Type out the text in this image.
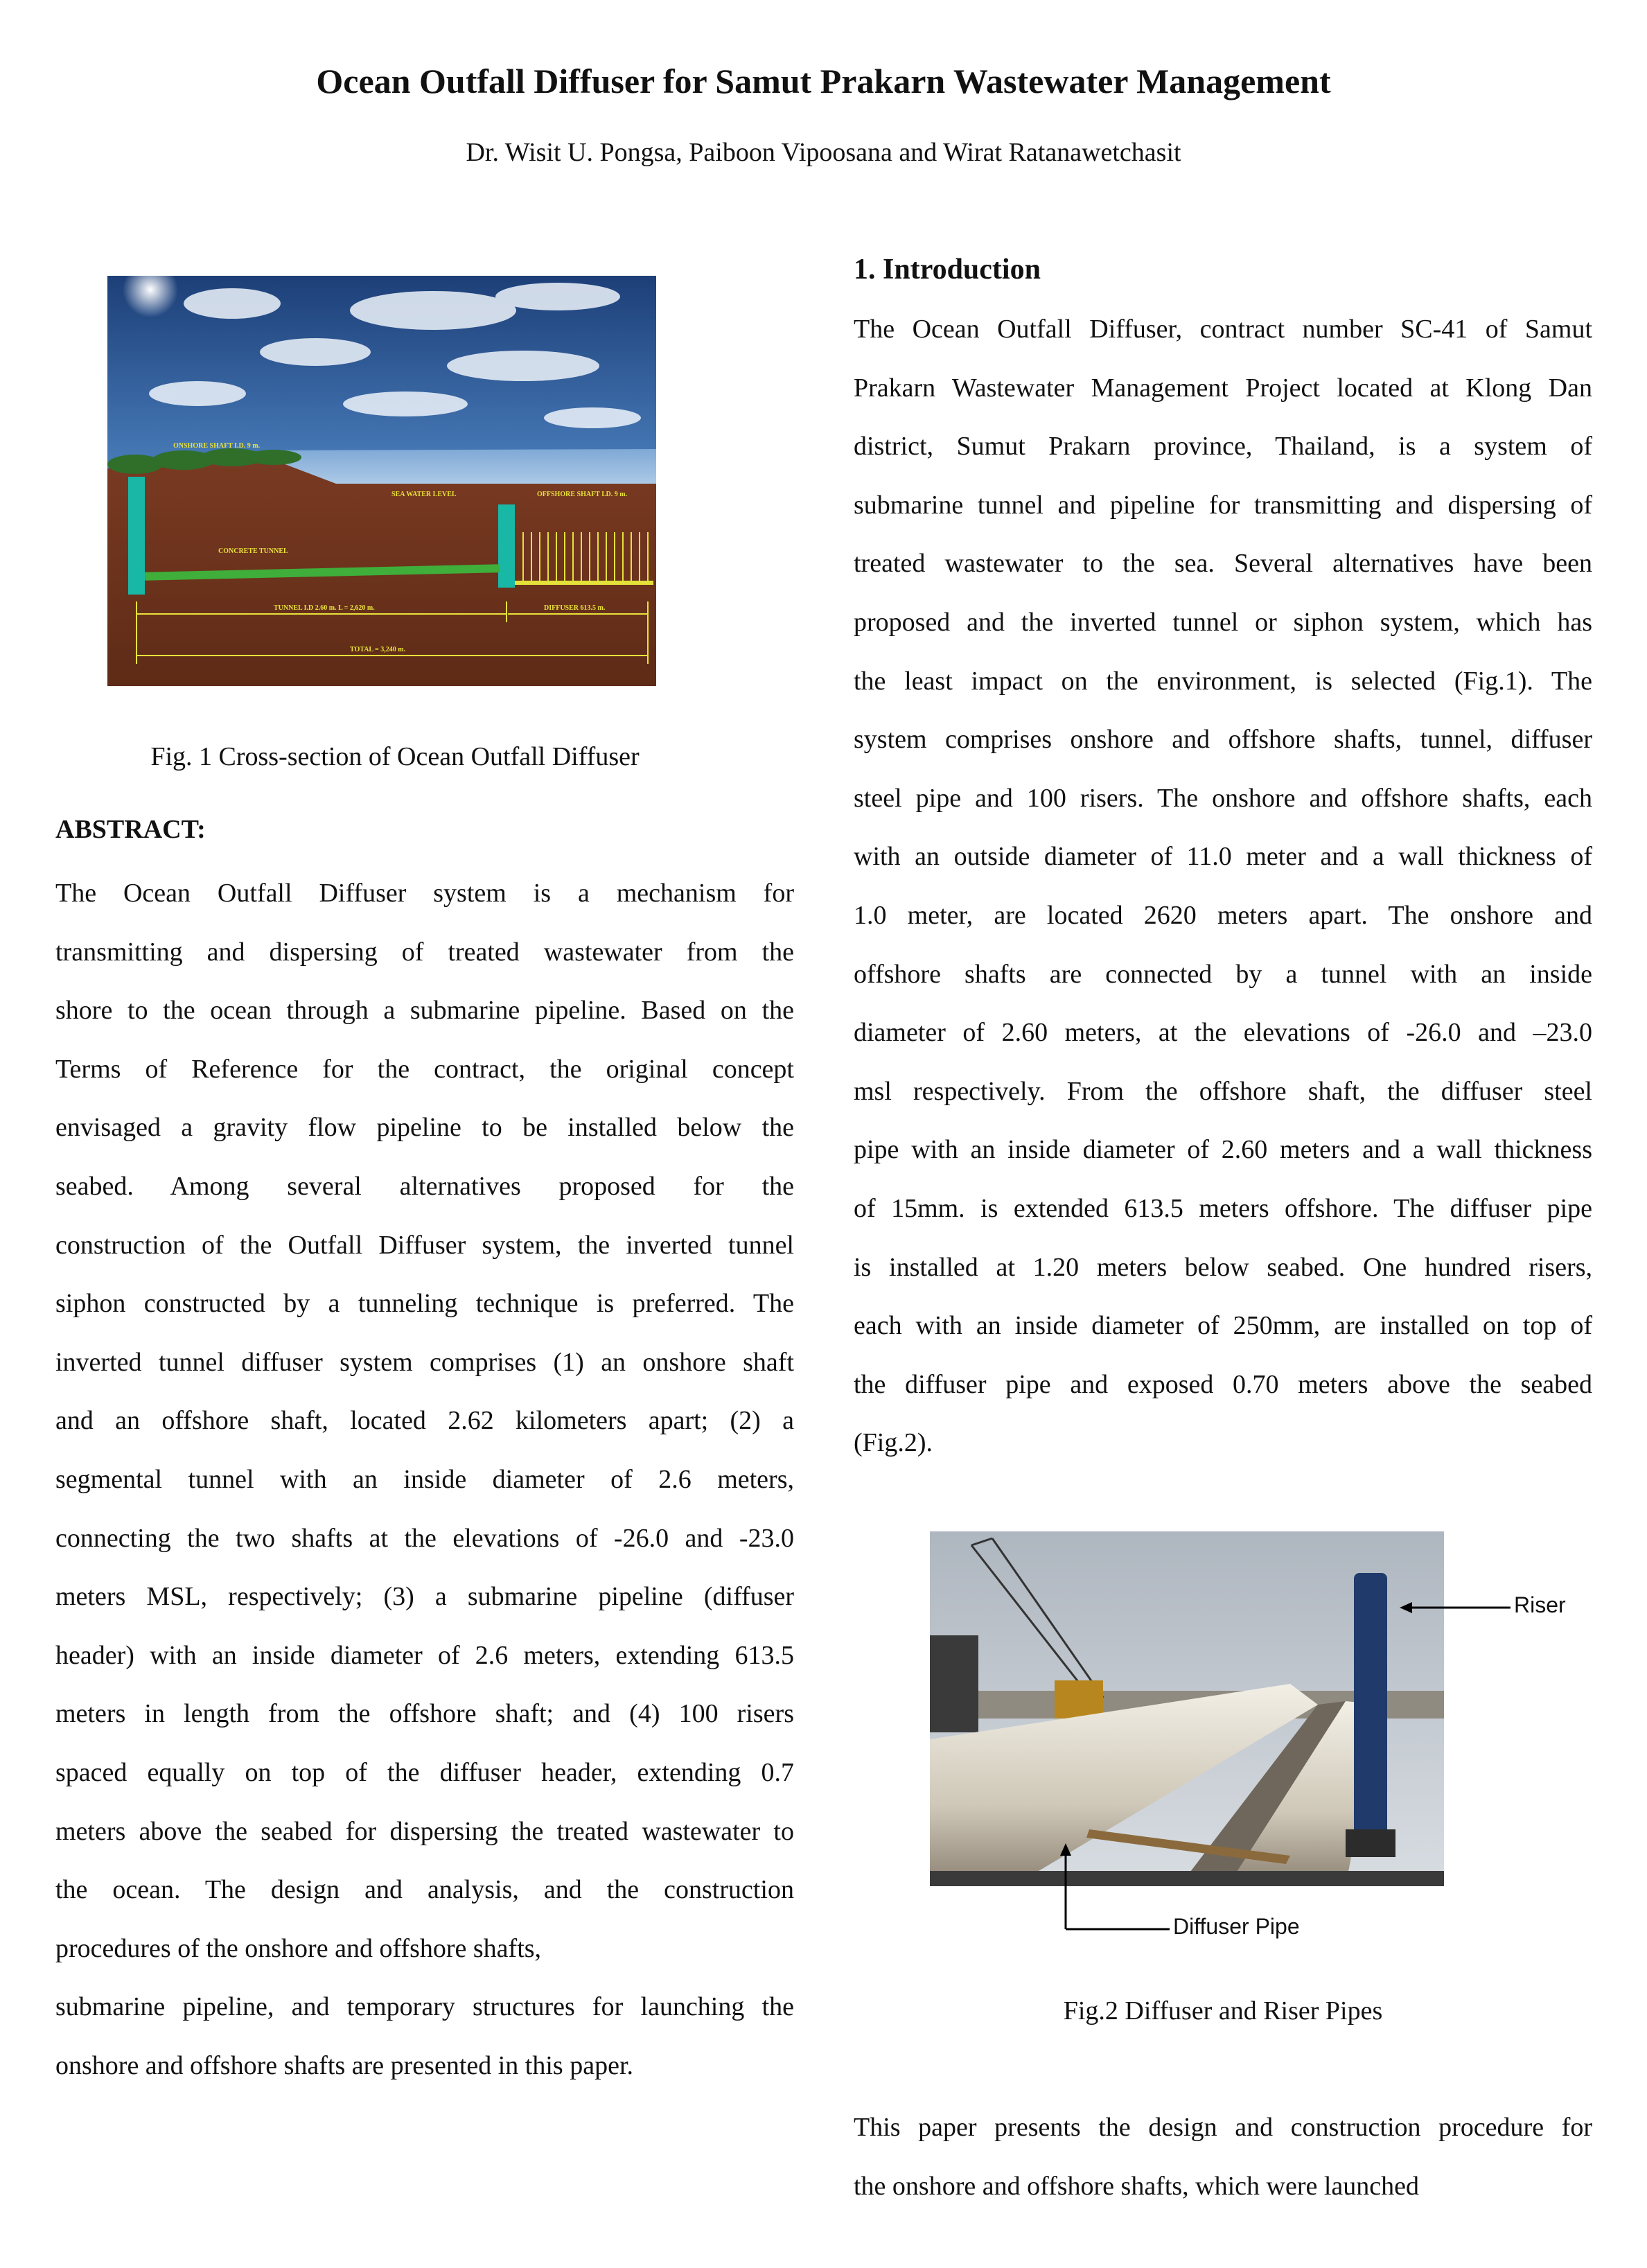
Ocean Outfall Diffuser for Samut Prakarn Wastewater Management
Dr. Wisit U. Pongsa, Paiboon Vipoosana and Wirat Ratanawetchasit
ONSHORE SHAFT I.D. 9 m.
SEA WATER LEVEL	OFFSHORE SHAFT I.D. 9 m.
CONCRETE TUNNEL
TUNNEL I.D 2.60 m. L = 2,620 m.	DIFFUSER 613.5 m.
TOTAL = 3,240 m.
Fig. 1 Cross-section of Ocean Outfall Diffuser
ABSTRACT:
The Ocean Outfall Diffuser system is a mechanism for
transmitting and dispersing of treated wastewater from the
shore to the ocean through a submarine pipeline. Based on the
Terms of Reference for the contract, the original concept
envisaged a gravity flow pipeline to be installed below the
seabed. Among several alternatives proposed for the
construction of the Outfall Diffuser system, the inverted tunnel
siphon constructed by a tunneling technique is preferred. The
inverted tunnel diffuser system comprises (1) an onshore shaft
and an offshore shaft, located 2.62 kilometers apart; (2) a
segmental tunnel with an inside diameter of 2.6 meters,
connecting the two shafts at the elevations of -26.0 and -23.0
meters MSL, respectively; (3) a submarine pipeline (diffuser
header) with an inside diameter of 2.6 meters, extending 613.5
meters in length from the offshore shaft; and (4) 100 risers
spaced equally on top of the diffuser header, extending 0.7
meters above the seabed for dispersing the treated wastewater to
the ocean. The design and analysis, and the construction
procedures of the onshore and offshore shafts,
submarine pipeline, and temporary structures for launching the
onshore and offshore shafts are presented in this paper.
1. Introduction
The Ocean Outfall Diffuser, contract number SC-41 of Samut
Prakarn Wastewater Management Project located at Klong Dan
district, Sumut Prakarn province, Thailand, is a system of
submarine tunnel and pipeline for transmitting and dispersing of
treated wastewater to the sea. Several alternatives have been
proposed and the inverted tunnel or siphon system, which has
the least impact on the environment, is selected (Fig.1). The
system comprises onshore and offshore shafts, tunnel, diffuser
steel pipe and 100 risers. The onshore and offshore shafts, each
with an outside diameter of 11.0 meter and a wall thickness of
1.0 meter, are located 2620 meters apart. The onshore and
offshore shafts are connected by a tunnel with an inside
diameter of 2.60 meters, at the elevations of -26.0 and –23.0
msl respectively. From the offshore shaft, the diffuser steel
pipe with an inside diameter of 2.60 meters and a wall thickness
of 15mm. is extended 613.5 meters offshore. The diffuser pipe
is installed at 1.20 meters below seabed. One hundred risers,
each with an inside diameter of 250mm, are installed on top of
the diffuser pipe and exposed 0.70 meters above the seabed
(Fig.2).
Riser
Diffuser Pipe
Fig.2 Diffuser and Riser Pipes
This paper presents the design and construction procedure for
the onshore and offshore shafts, which were launched
